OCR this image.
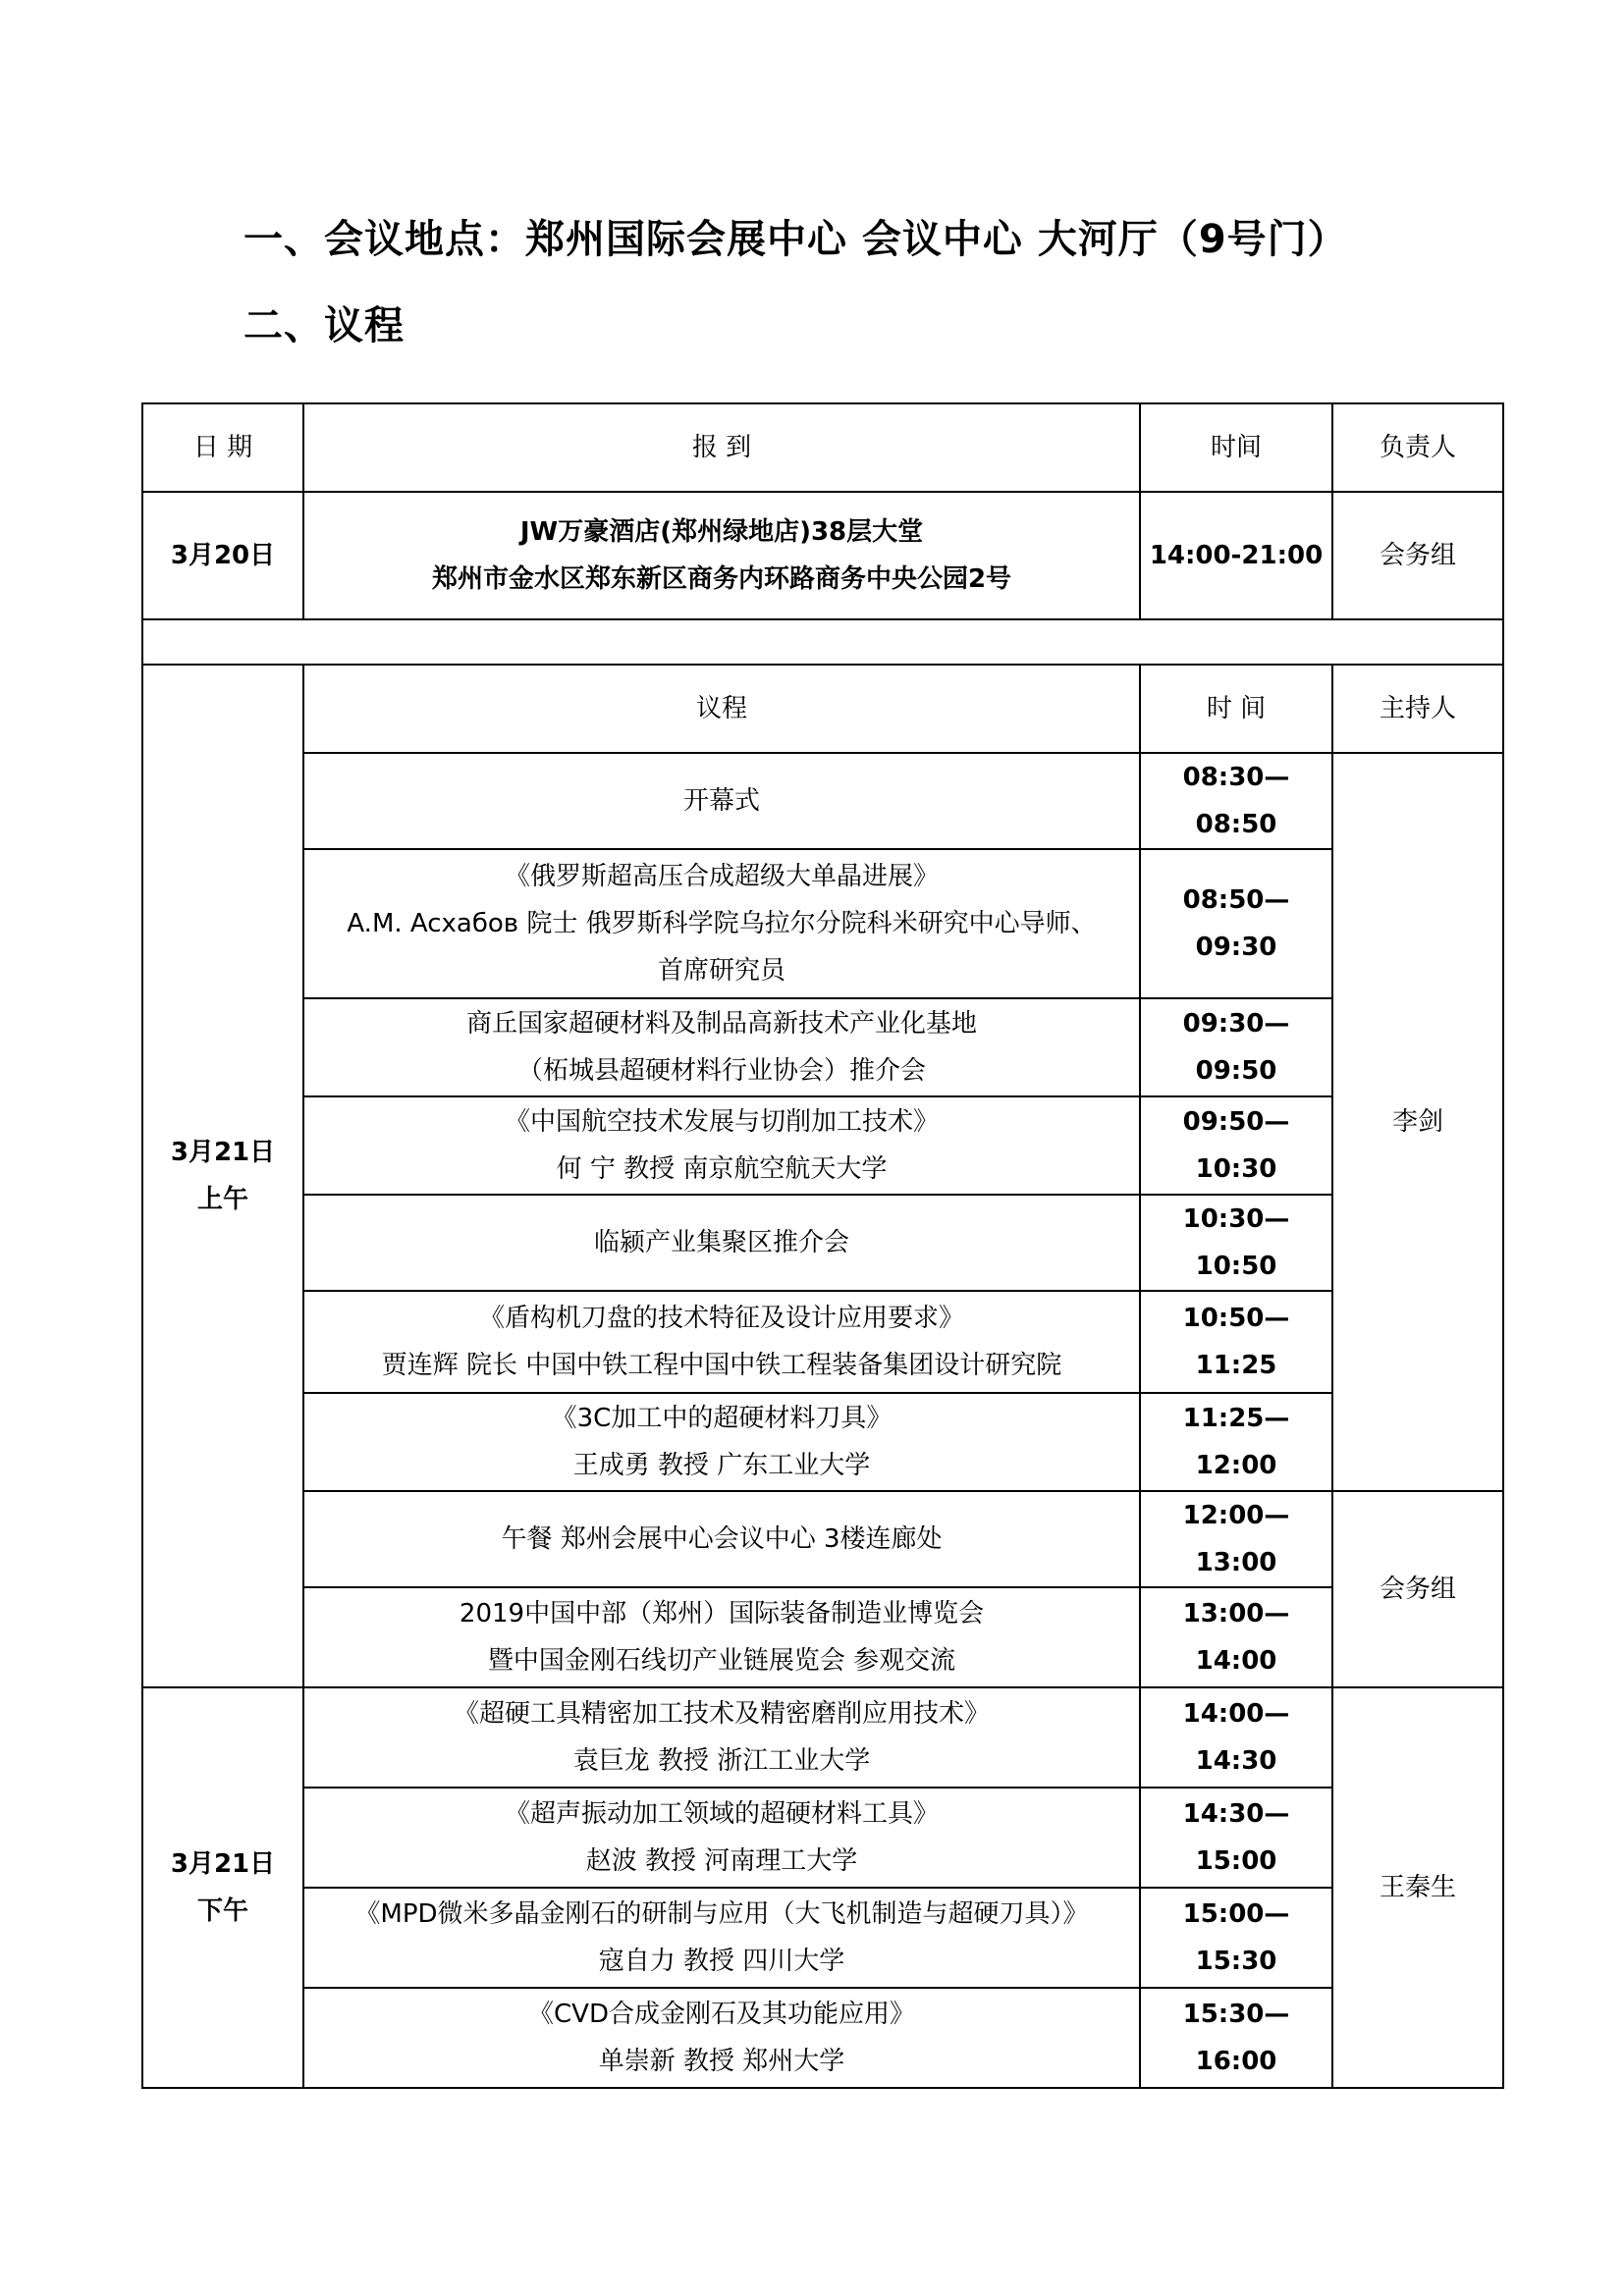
一、会议地点：郑州国际会展中心 会议中心 大河厅（9号门）
二、议程
日 期	报 到	时间	负责人
3月20日	JW万豪酒店(郑州绿地店)38层大堂
郑州市金水区郑东新区商务内环路商务中央公园2号	14:00-21:00	会务组

3月21日
上午	议程	时 间	主持人

	开幕式	08:30—08:50	李剑

	《俄罗斯超高压合成超级大单晶进展》
A.M. Acxaбов 院士 俄罗斯科学院乌拉尔分院科米研究中心导师、
首席研究员	08:50—09:30	

	商丘国家超硬材料及制品高新技术产业化基地
（柘城县超硬材料行业协会）推介会	09:30—09:50	

	《中国航空技术发展与切削加工技术》
何 宁 教授 南京航空航天大学	09:50—10:30	

	临颍产业集聚区推介会	10:30—10:50	

	《盾构机刀盘的技术特征及设计应用要求》
贾连辉 院长 中国中铁工程中国中铁工程装备集团设计研究院	10:50—11:25	

	《3C加工中的超硬材料刀具》
王成勇 教授 广东工业大学	11:25—12:00	

	午餐 郑州会展中心会议中心 3楼连廊处	12:00—13:00	会务组

	2019中国中部（郑州）国际装备制造业博览会
暨中国金刚石线切产业链展览会 参观交流	13:00—14:00	

3月21日
下午	《超硬工具精密加工技术及精密磨削应用技术》
袁巨龙 教授 浙江工业大学	14:00—14:30	王秦生

	《超声振动加工领域的超硬材料工具》
赵波 教授 河南理工大学	14:30—15:00	

	《MPD微米多晶金刚石的研制与应用（大飞机制造与超硬刀具）》
寇自力 教授 四川大学	15:00—15:30	

	《CVD合成金刚石及其功能应用》
单崇新 教授 郑州大学	15:30—16:00	
